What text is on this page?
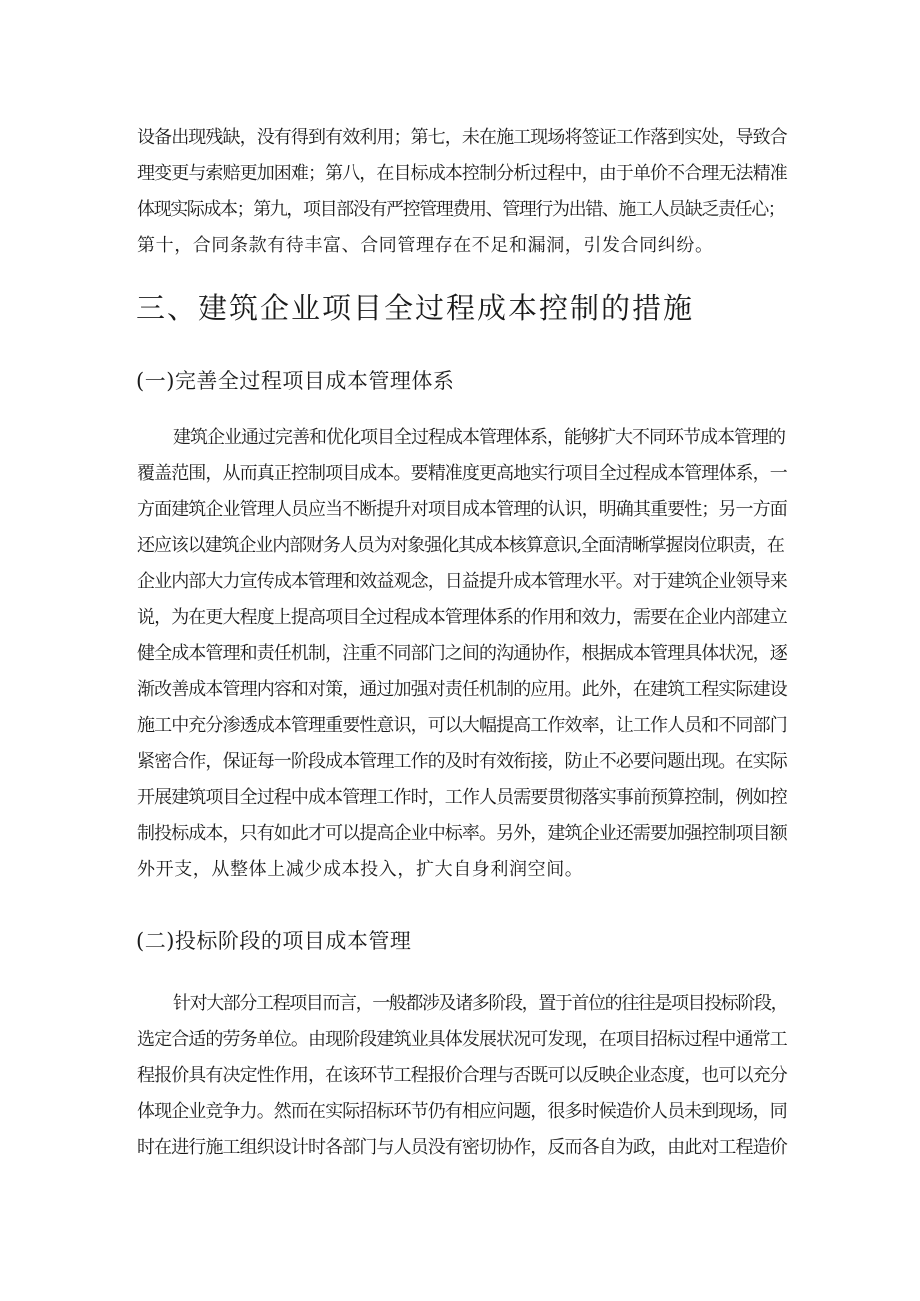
设备出现残缺，没有得到有效利用；第七，未在施工现场将签证工作落到实处，导致合
理变更与索赔更加困难；第八，在目标成本控制分析过程中，由于单价不合理无法精准
体现实际成本；第九，项目部没有严控管理费用、管理行为出错、施工人员缺乏责任心；
第十，合同条款有待丰富、合同管理存在不足和漏洞，引发合同纠纷。
三、建筑企业项目全过程成本控制的措施
(一)完善全过程项目成本管理体系
建筑企业通过完善和优化项目全过程成本管理体系，能够扩大不同环节成本管理的
覆盖范围，从而真正控制项目成本。要精准度更高地实行项目全过程成本管理体系，一
方面建筑企业管理人员应当不断提升对项目成本管理的认识，明确其重要性；另一方面
还应该以建筑企业内部财务人员为对象强化其成本核算意识,全面清晰掌握岗位职责，在
企业内部大力宣传成本管理和效益观念，日益提升成本管理水平。对于建筑企业领导来
说，为在更大程度上提高项目全过程成本管理体系的作用和效力，需要在企业内部建立
健全成本管理和责任机制，注重不同部门之间的沟通协作，根据成本管理具体状况，逐
渐改善成本管理内容和对策，通过加强对责任机制的应用。此外，在建筑工程实际建设
施工中充分渗透成本管理重要性意识，可以大幅提高工作效率，让工作人员和不同部门
紧密合作，保证每一阶段成本管理工作的及时有效衔接，防止不必要问题出现。在实际
开展建筑项目全过程中成本管理工作时，工作人员需要贯彻落实事前预算控制，例如控
制投标成本，只有如此才可以提高企业中标率。另外，建筑企业还需要加强控制项目额
外开支，从整体上减少成本投入，扩大自身利润空间。
(二)投标阶段的项目成本管理
针对大部分工程项目而言，一般都涉及诸多阶段，置于首位的往往是项目投标阶段，
选定合适的劳务单位。由现阶段建筑业具体发展状况可发现，在项目招标过程中通常工
程报价具有决定性作用，在该环节工程报价合理与否既可以反映企业态度，也可以充分
体现企业竞争力。然而在实际招标环节仍有相应问题，很多时候造价人员未到现场，同
时在进行施工组织设计时各部门与人员没有密切协作，反而各自为政，由此对工程造价
